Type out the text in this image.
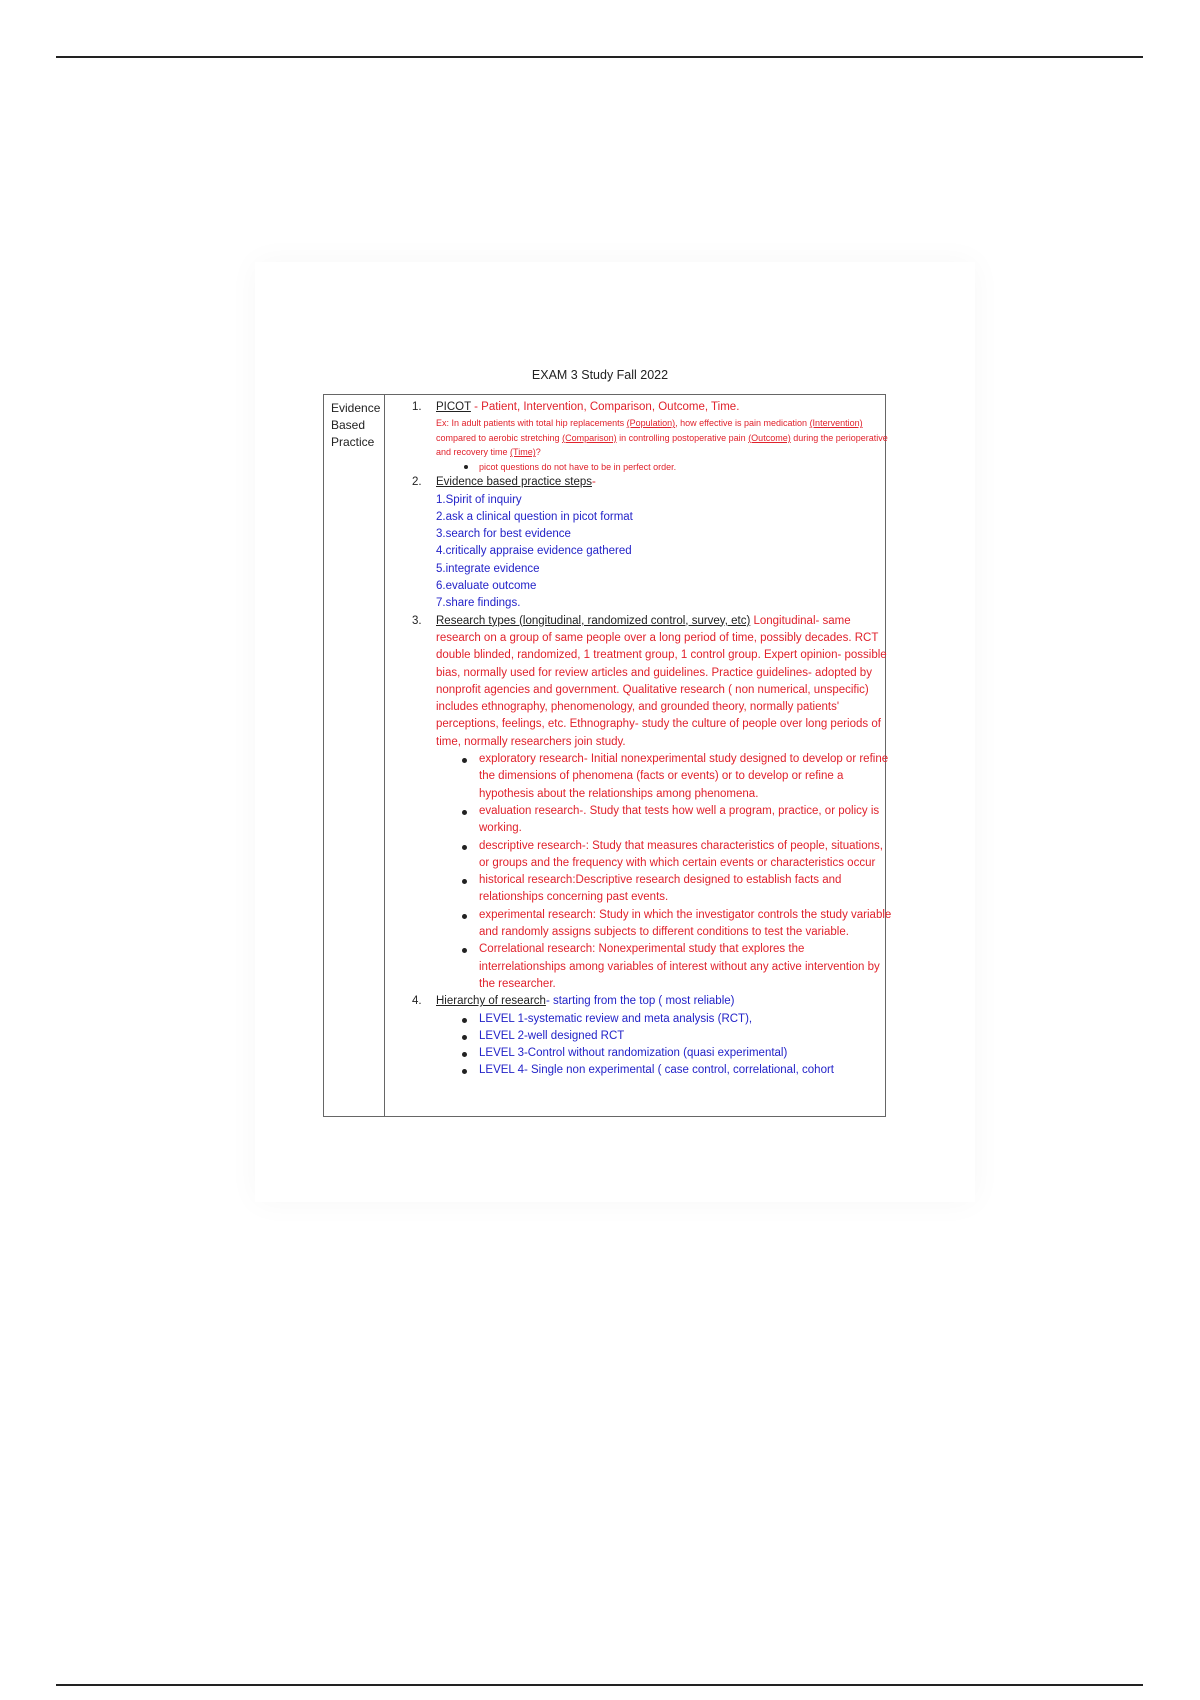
EXAM 3 Study Fall 2022
Evidence
Based
Practice
1. PICOT - Patient, Intervention, Comparison, Outcome, Time.
Ex: In adult patients with total hip replacements (Population), how effective is pain medication (Intervention) compared to aerobic stretching (Comparison) in controlling postoperative pain (Outcome) during the perioperative and recovery time (Time)?
picot questions do not have to be in perfect order.
2. Evidence based practice steps-
1.Spirit of inquiry
2.ask a clinical question in picot format
3.search for best evidence
4.critically appraise evidence gathered
5.integrate evidence
6.evaluate outcome
7.share findings.
3. Research types (longitudinal, randomized control, survey, etc) Longitudinal- same research on a group of same people over a long period of time, possibly decades. RCT double blinded, randomized, 1 treatment group, 1 control group. Expert opinion- possible bias, normally used for review articles and guidelines. Practice guidelines- adopted by nonprofit agencies and government. Qualitative research ( non numerical, unspecific) includes ethnography, phenomenology, and grounded theory, normally patients' perceptions, feelings, etc. Ethnography- study the culture of people over long periods of time, normally researchers join study.
exploratory research- Initial nonexperimental study designed to develop or refine the dimensions of phenomena (facts or events) or to develop or refine a hypothesis about the relationships among phenomena.
evaluation research-. Study that tests how well a program, practice, or policy is working.
descriptive research-: Study that measures characteristics of people, situations, or groups and the frequency with which certain events or characteristics occur
historical research:Descriptive research designed to establish facts and relationships concerning past events.
experimental research: Study in which the investigator controls the study variable and randomly assigns subjects to different conditions to test the variable.
Correlational research: Nonexperimental study that explores the interrelationships among variables of interest without any active intervention by the researcher.
4. Hierarchy of research- starting from the top ( most reliable)
LEVEL 1-systematic review and meta analysis (RCT),
LEVEL 2-well designed RCT
LEVEL 3-Control without randomization (quasi experimental)
LEVEL 4- Single non experimental ( case control, correlational, cohort
